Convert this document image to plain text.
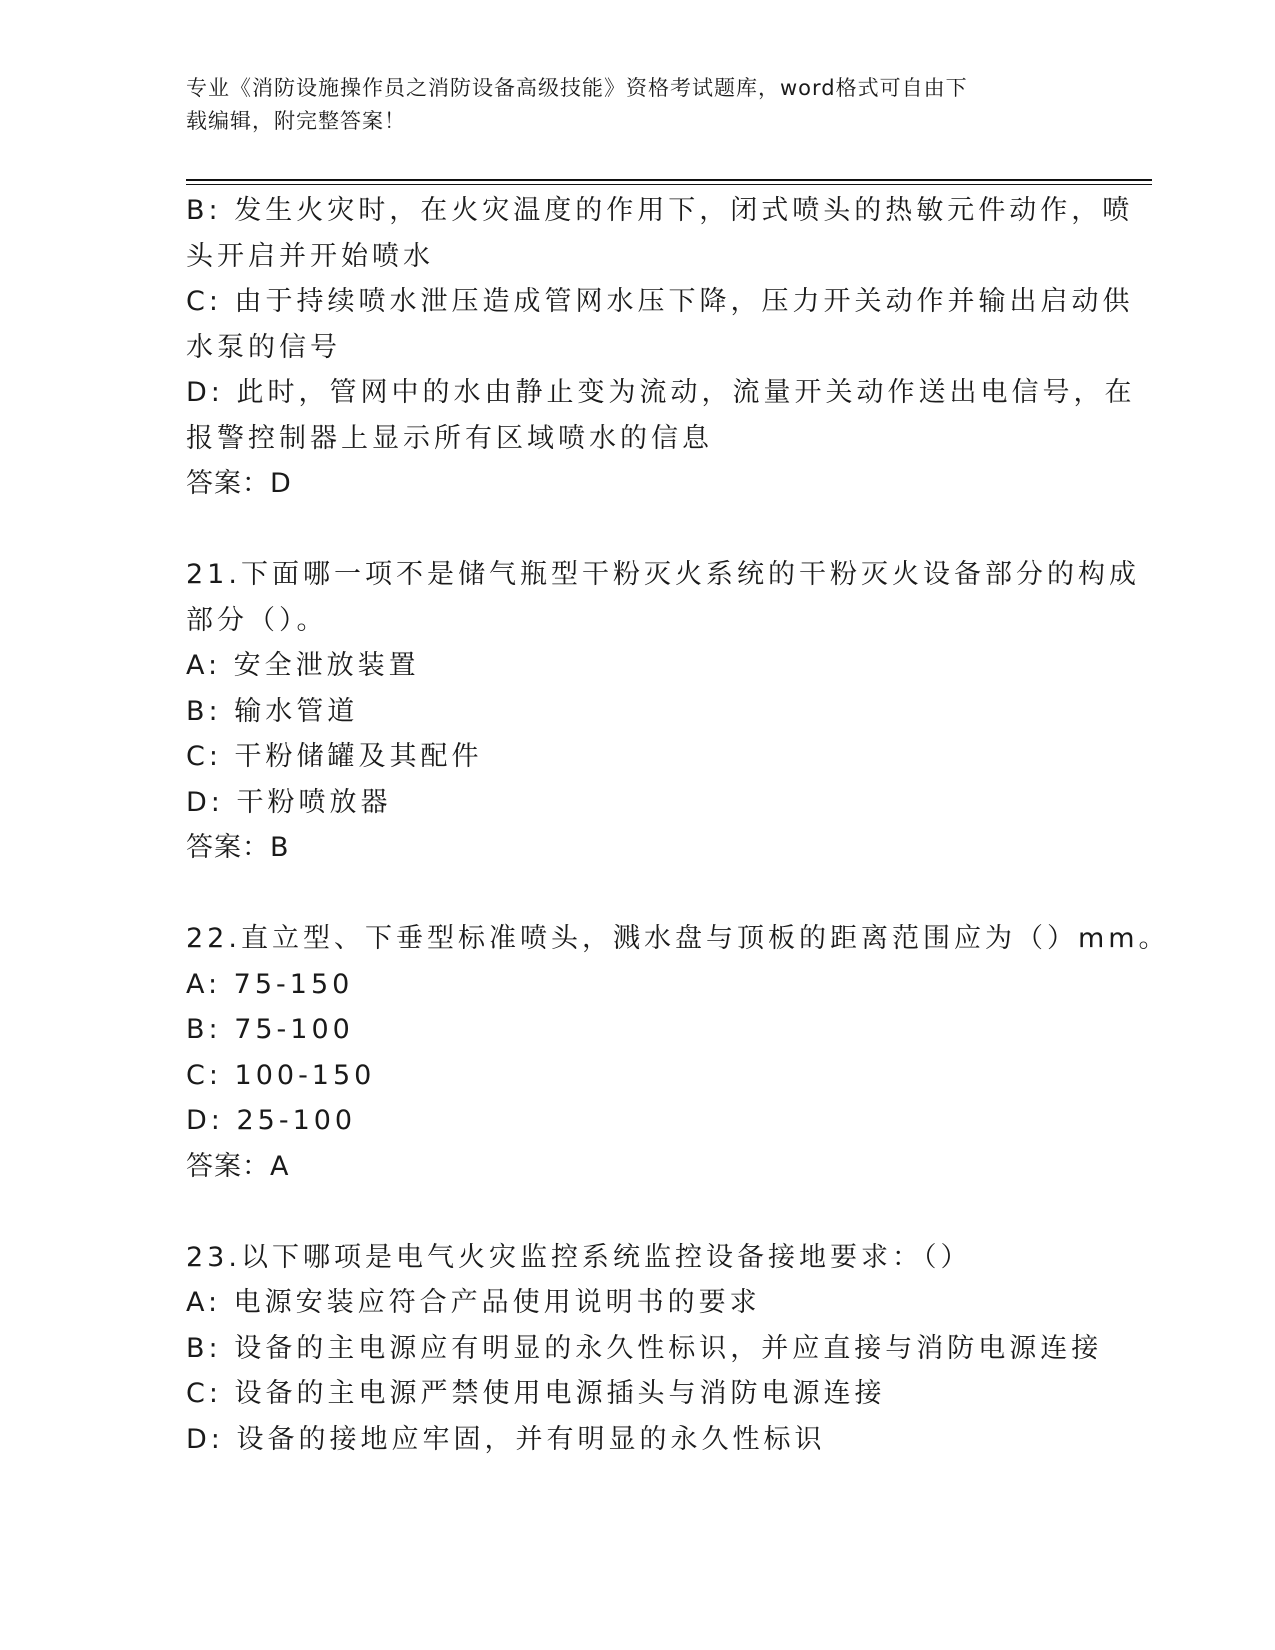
专业《消防设施操作员之消防设备高级技能》资格考试题库，word格式可自由下
载编辑，附完整答案！
B: 发生火灾时，在火灾温度的作用下，闭式喷头的热敏元件动作，喷
头开启并开始喷水
C: 由于持续喷水泄压造成管网水压下降，压力开关动作并输出启动供
水泵的信号
D: 此时，管网中的水由静止变为流动，流量开关动作送出电信号，在
报警控制器上显示所有区域喷水的信息
答案：D
21.下面哪一项不是储气瓶型干粉灭火系统的干粉灭火设备部分的构成
部分（）。
A: 安全泄放装置
B: 输水管道
C: 干粉储罐及其配件
D: 干粉喷放器
答案：B
22.直立型、下垂型标准喷头，溅水盘与顶板的距离范围应为（）mm。
A: 75-150
B: 75-100
C: 100-150
D: 25-100
答案：A
23.以下哪项是电气火灾监控系统监控设备接地要求：（）
A: 电源安装应符合产品使用说明书的要求
B: 设备的主电源应有明显的永久性标识，并应直接与消防电源连接
C: 设备的主电源严禁使用电源插头与消防电源连接
D: 设备的接地应牢固，并有明显的永久性标识
